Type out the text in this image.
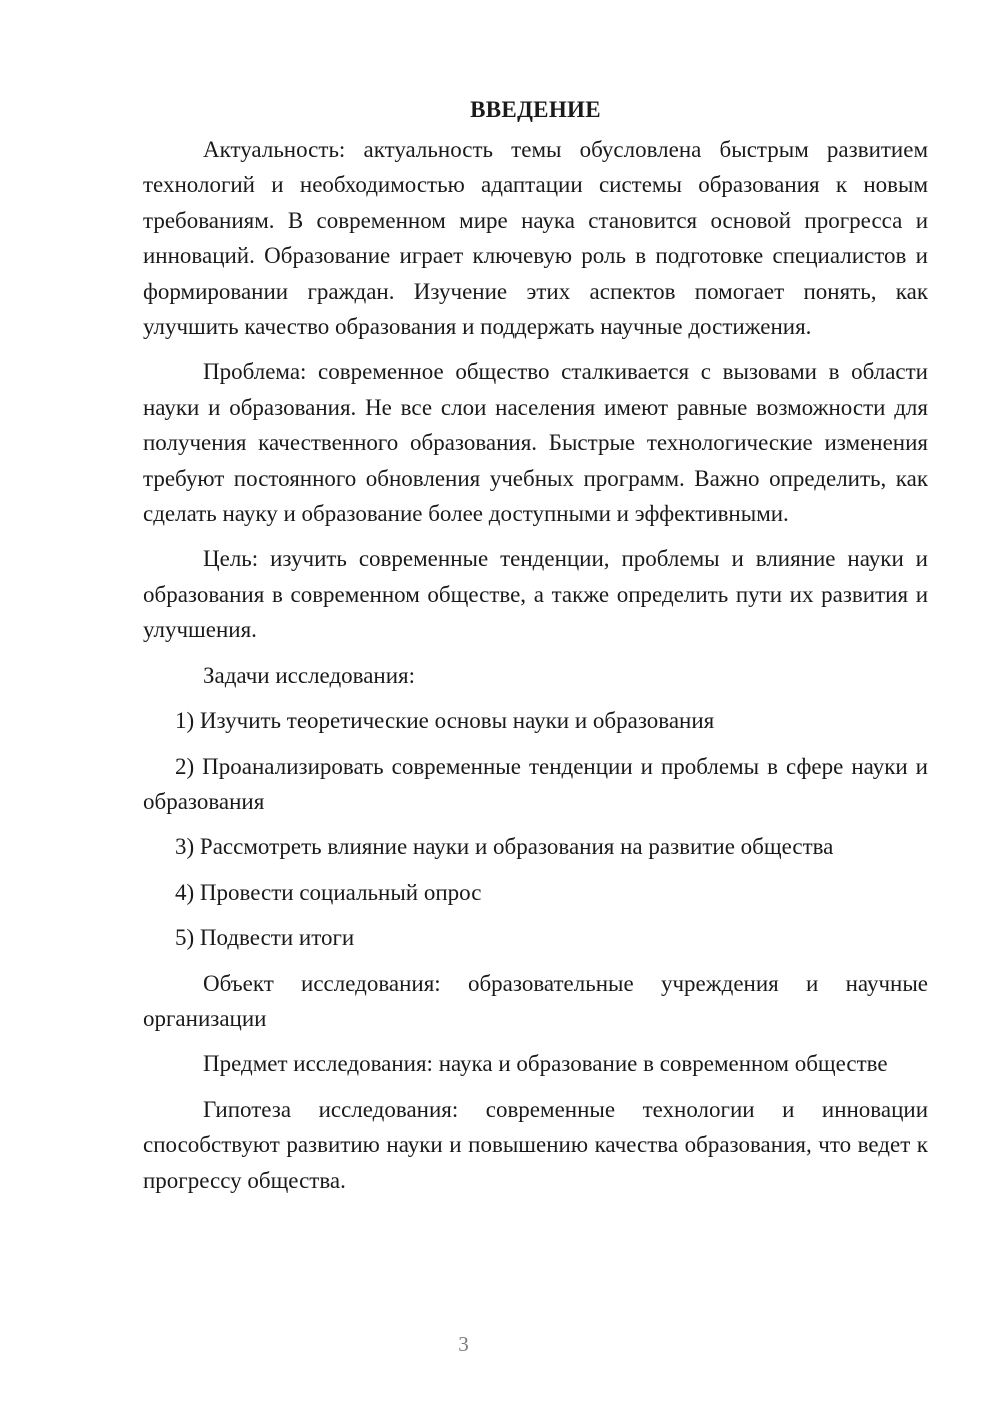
ВВЕДЕНИЕ
Актуальность: актуальность темы обусловлена быстрым развитием технологий и необходимостью адаптации системы образования к новым требованиям. В современном мире наука становится основой прогресса и инноваций. Образование играет ключевую роль в подготовке специалистов и формировании граждан. Изучение этих аспектов помогает понять, как улучшить качество образования и поддержать научные достижения.
Проблема: современное общество сталкивается с вызовами в области науки и образования. Не все слои населения имеют равные возможности для получения качественного образования. Быстрые технологические изменения требуют постоянного обновления учебных программ. Важно определить, как сделать науку и образование более доступными и эффективными.
Цель: изучить современные тенденции, проблемы и влияние науки и образования в современном обществе, а также определить пути их развития и улучшения.
Задачи исследования:
1) Изучить теоретические основы науки и образования
2) Проанализировать современные тенденции и проблемы в сфере науки и образования
3) Рассмотреть влияние науки и образования на развитие общества
4) Провести социальный опрос
5) Подвести итоги
Объект исследования: образовательные учреждения и научные организации
Предмет исследования: наука и образование в современном обществе
Гипотеза исследования: современные технологии и инновации способствуют развитию науки и повышению качества образования, что ведет к прогрессу общества.
3
